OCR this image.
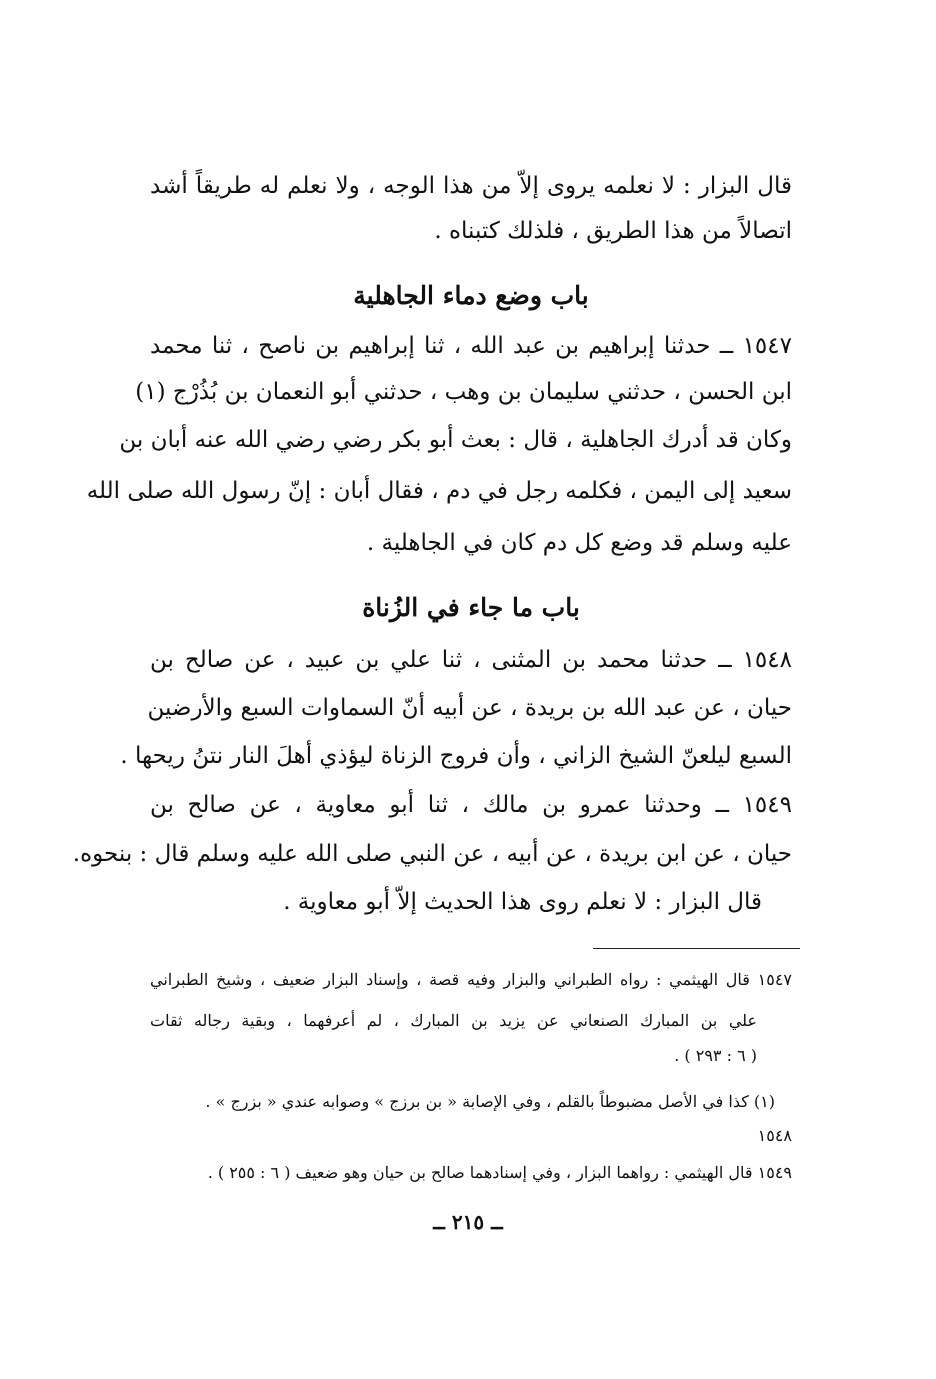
قال البزار : لا نعلمه يروى إلاّ من هذا الوجه ، ولا نعلم له طريقاً أشد
اتصالاً من هذا الطريق ، فلذلك كتبناه .
باب وضع دماء الجاهلية
١٥٤٧ ــ حدثنا إبراهيم بن عبد الله ، ثنا إبراهيم بن ناصح ، ثنا محمد
ابن الحسن ، حدثني سليمان بن وهب ، حدثني أبو النعمان بن بُذُرْج (١)
وكان قد أدرك الجاهلية ، قال : بعث أبو بكر رضي رضي الله عنه أبان بن
سعيد إلى اليمن ، فكلمه رجل في دم ، فقال أبان : إنّ رسول الله صلى الله
عليه وسلم قد وضع كل دم كان في الجاهلية .
باب ما جاء في الزُناة
١٥٤٨ ــ حدثنا محمد بن المثنى ، ثنا علي بن عبيد ، عن صالح بن
حيان ، عن عبد الله بن بريدة ، عن أبيه أنّ السماوات السبع والأرضين
السبع ليلعنّ الشيخ الزاني ، وأن فروج الزناة ليؤذي أهلَ النار نتنُ ريحها .
١٥٤٩ ــ وحدثنا عمرو بن مالك ، ثنا أبو معاوية ، عن صالح بن
حيان ، عن ابن بريدة ، عن أبيه ، عن النبي صلى الله عليه وسلم قال : بنحوه.
قال البزار : لا نعلم روى هذا الحديث إلاّ أبو معاوية .
١٥٤٧ قال الهيثمي : رواه الطبراني والبزار وفيه قصة ، وإسناد البزار ضعيف ، وشيخ الطبراني
علي بن المبارك الصنعاني عن يزيد بن المبارك ، لم أعرفهما ، وبقية رجاله ثقات
( ٦ : ٢٩٣ ) .
(١) كذا في الأصل مضبوطاً بالقلم ، وفي الإصابة « بن برزج » وصوابه عندي « بزرج » .
١٥٤٨
١٥٤٩ قال الهيثمي : رواهما البزار ، وفي إسنادهما صالح بن حيان وهو ضعيف ( ٦ : ٢٥٥ ) .
ــ ٢١٥ ــ
